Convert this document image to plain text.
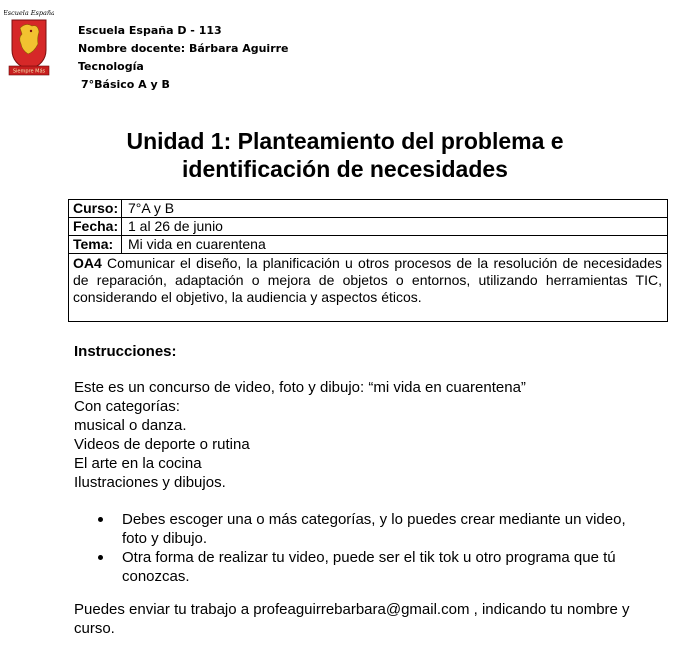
Escuela España
Siempre Más
Escuela España D - 113
Nombre docente: Bárbara Aguirre
Tecnología
7°Básico A y B
Unidad 1: Planteamiento del problema e
identificación de necesidades
Curso: 7°A y B
Fecha: 1 al 26 de junio
Tema:	Mi vida en cuarentena
OA4 Comunicar el diseño, la planificación u otros procesos de la resolución de necesidades de reparación, adaptación o mejora de objetos o entornos, utilizando herramientas TIC, considerando el objetivo, la audiencia y aspectos éticos.
Instrucciones:
Este es un concurso de video, foto y dibujo: “mi vida en cuarentena”
Con categorías:
musical o danza.
Videos de deporte o rutina
El arte en la cocina
Ilustraciones y dibujos.
Debes escoger una o más categorías, y lo puedes crear mediante un video, foto y dibujo.
Otra forma de realizar tu video, puede ser el tik tok u otro programa que tú conozcas.
Puedes enviar tu trabajo a profeaguirrebarbara@gmail.com , indicando tu nombre y curso.
